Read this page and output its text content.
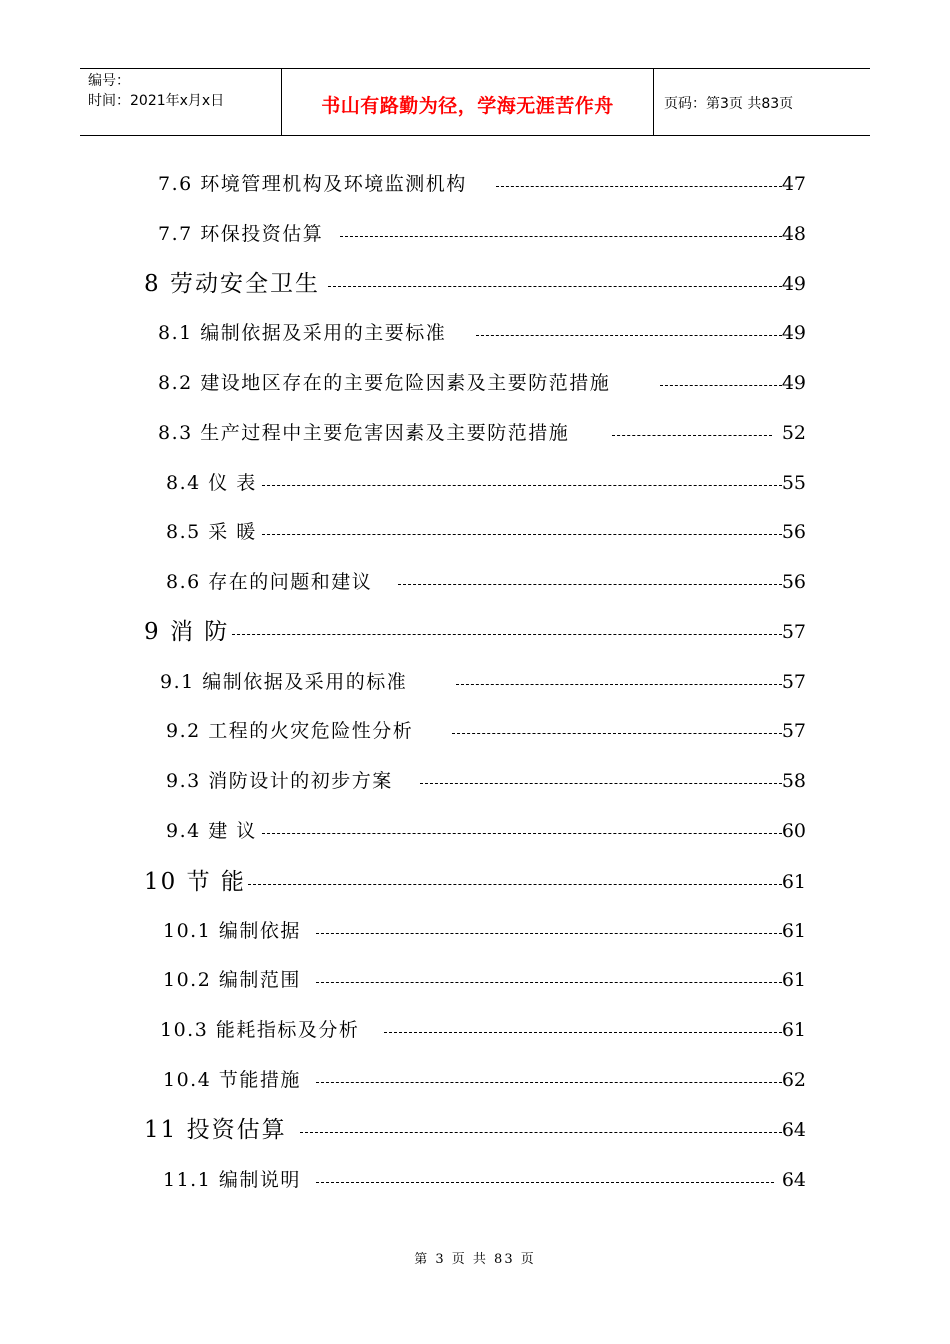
编号：
时间：2021年x月x日	书山有路勤为径，学海无涯苦作舟	页码：第3页 共83页
7.6 环境管理机构及环境监测机构	47
7.7 环保投资估算	48
8 劳动安全卫生	49
8.1 编制依据及采用的主要标准	49
8.2 建设地区存在的主要危险因素及主要防范措施	49
8.3 生产过程中主要危害因素及主要防范措施	52
8.4 仪 表	55
8.5 采 暖	56
8.6 存在的问题和建议	56
9 消 防	57
9.1 编制依据及采用的标准	57
9.2 工程的火灾危险性分析	57
9.3 消防设计的初步方案	58
9.4 建 议	60
10 节 能	61
10.1 编制依据	61
10.2 编制范围	61
10.3 能耗指标及分析	61
10.4 节能措施	62
11 投资估算	64
11.1 编制说明	64
第 3 页 共 83 页
